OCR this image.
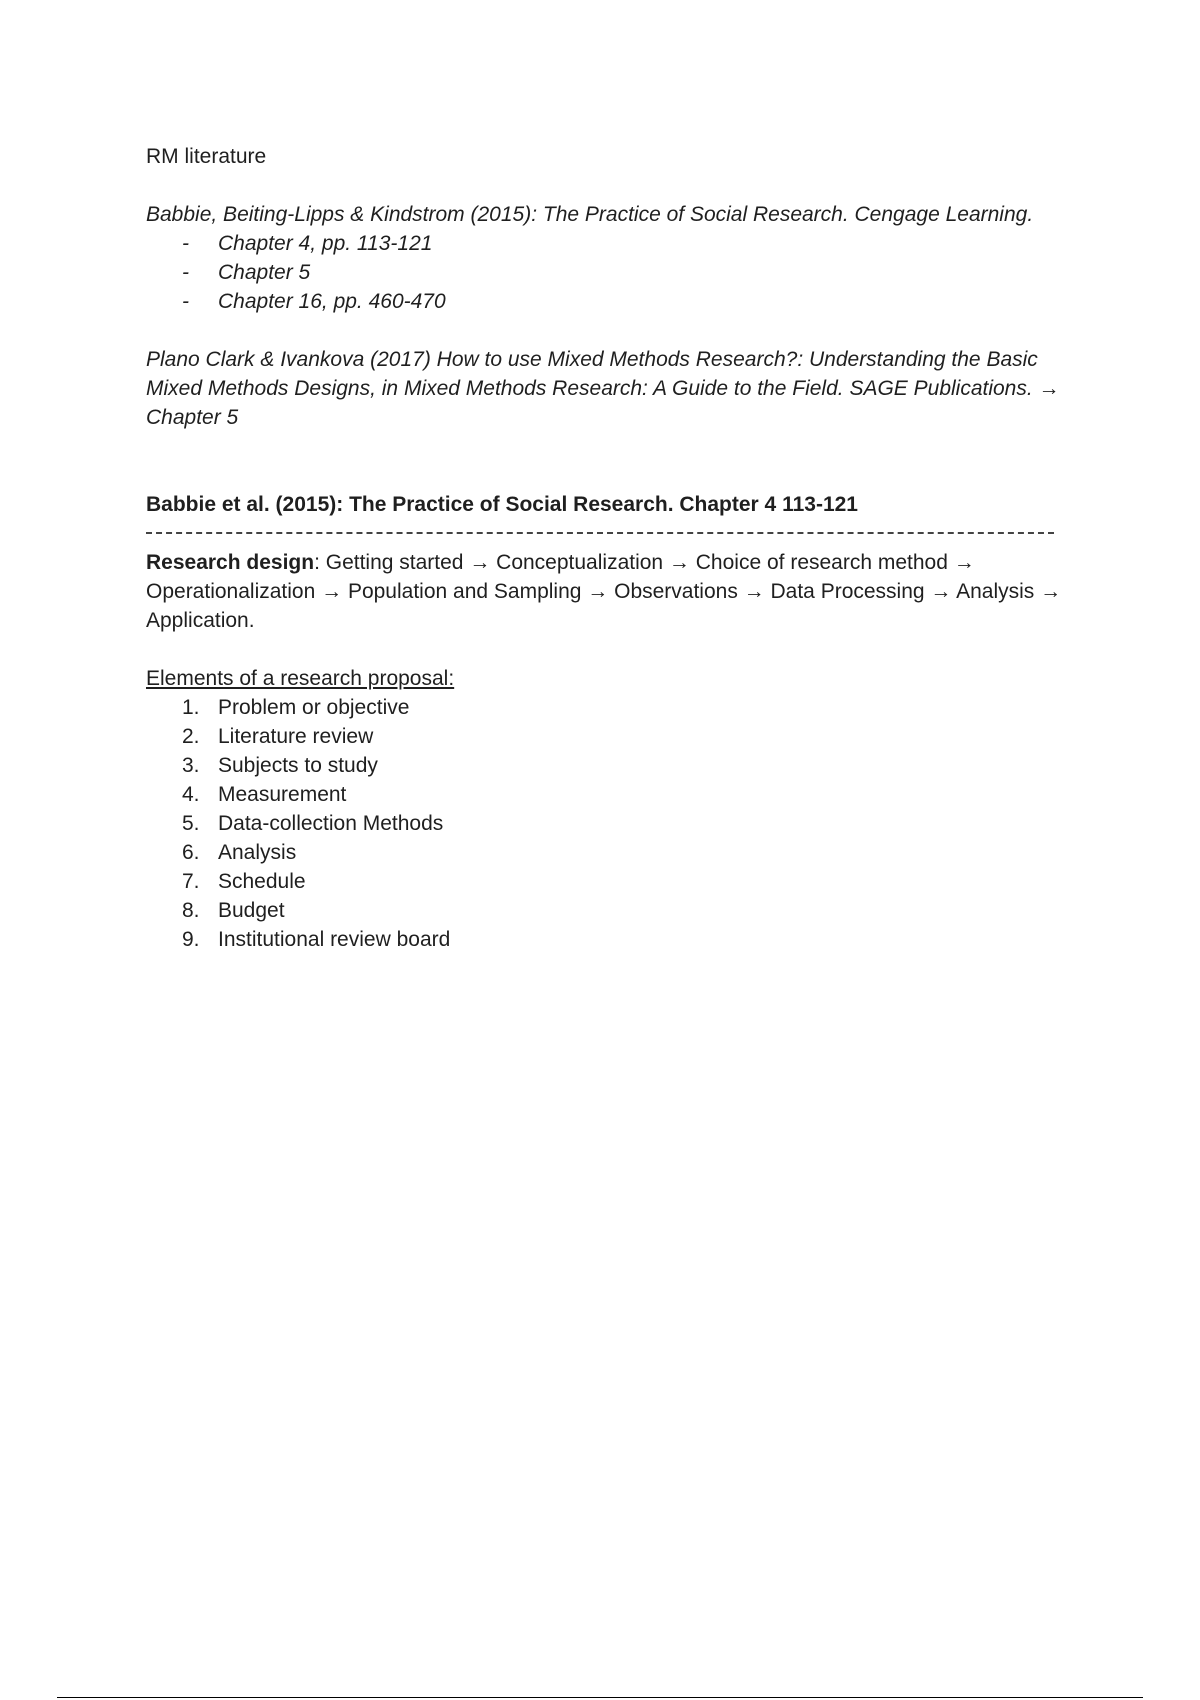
RM literature

Babbie, Beiting-Lipps & Kindstrom (2015): The Practice of Social Research. Cengage Learning.

- Chapter 4, pp. 113-121
- Chapter 5
- Chapter 16, pp. 460-470

Plano Clark & Ivankova (2017) How to use Mixed Methods Research?: Understanding the Basic Mixed Methods Designs, in Mixed Methods Research: A Guide to the Field. SAGE Publications. → Chapter 5

Babbie et al. (2015): The Practice of Social Research. Chapter 4 113-121

Research design: Getting started → Conceptualization → Choice of research method → Operationalization → Population and Sampling → Observations → Data Processing → Analysis → Application.

Elements of a research proposal:

1. Problem or objective
2. Literature review
3. Subjects to study
4. Measurement
5. Data-collection Methods
6. Analysis
7. Schedule
8. Budget
9. Institutional review board
